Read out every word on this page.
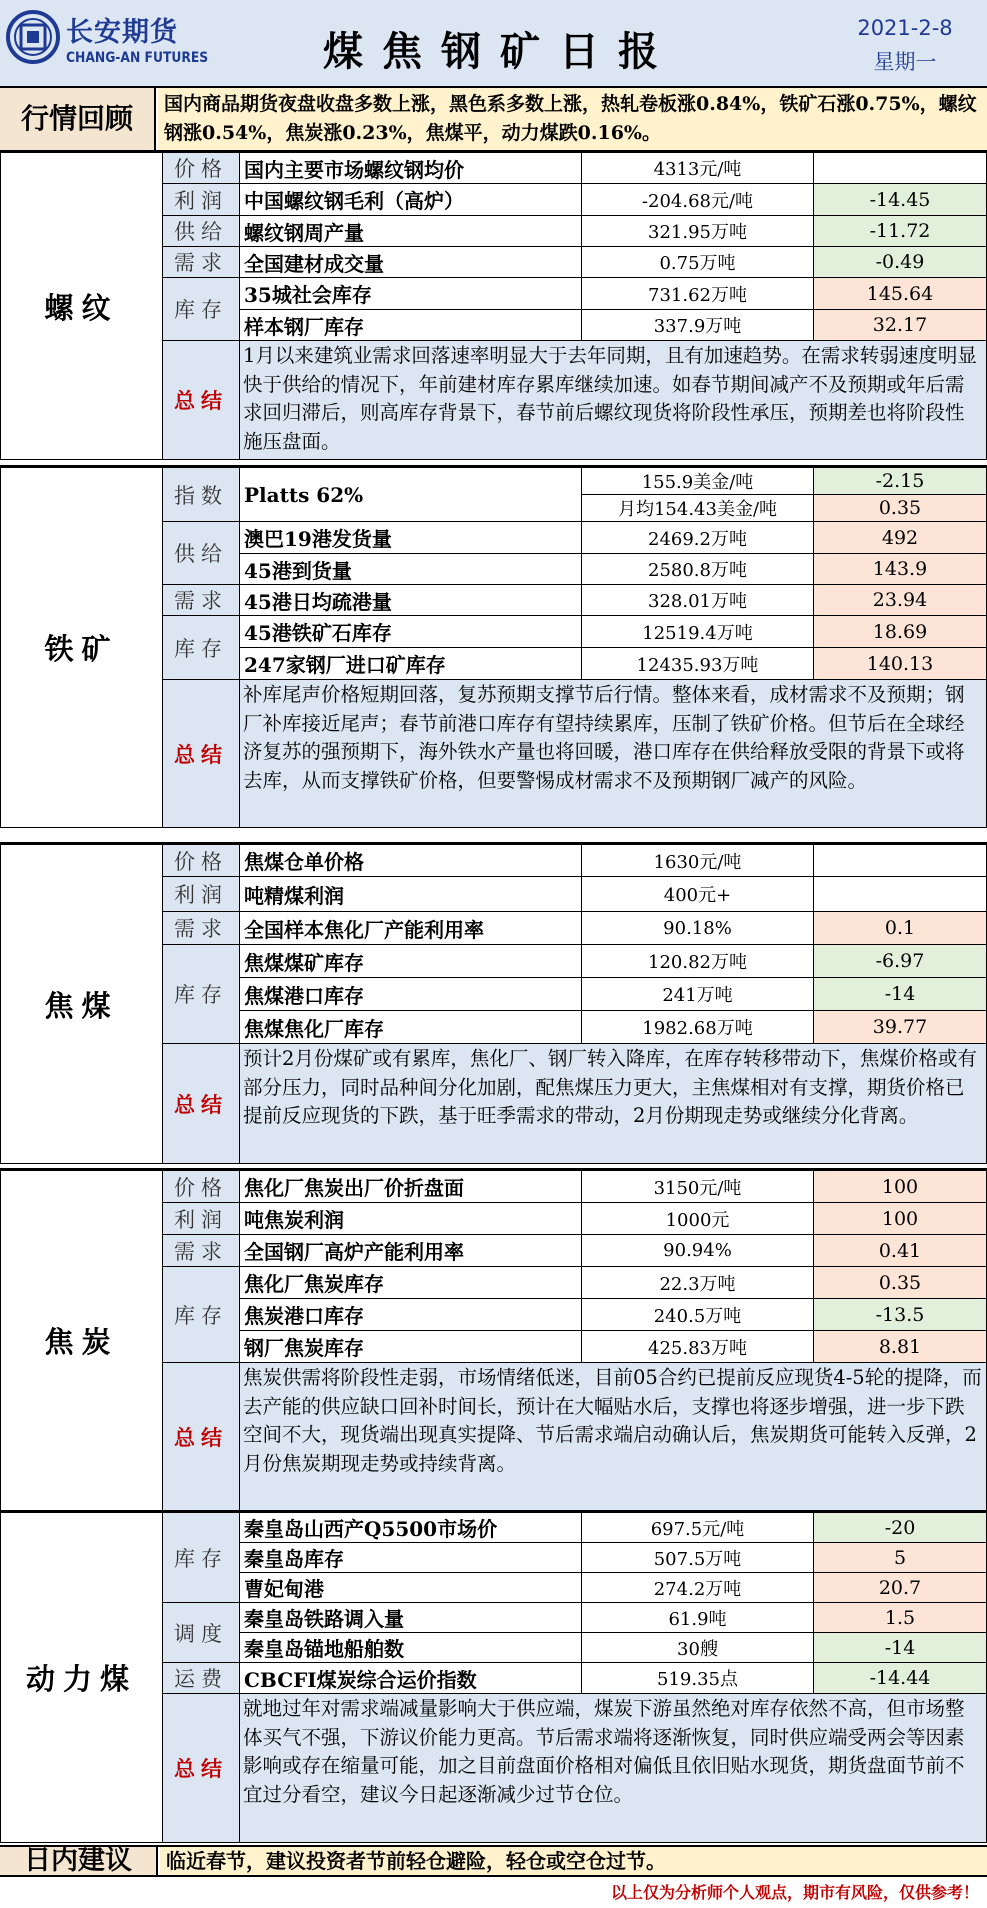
长安期货
CHANG-AN FUTURES	煤焦钢矿日报
2021-2-8
星期一
行情回顾	国内商品期货夜盘收盘多数上涨，黑色系多数上涨，热轧卷板涨0.84%，铁矿石涨0.75%，螺纹钢涨0.54%，焦炭涨0.23%，焦煤平，动力煤跌0.16%。
螺纹	价格	国内主要市场螺纹钢均价	4313元/吨	
	利润	中国螺纹钢毛利（高炉）	-204.68元/吨	-14.45
	供给	螺纹钢周产量	321.95万吨	-11.72
	需求	全国建材成交量	0.75万吨	-0.49
	库存	35城社会库存	731.62万吨	145.64
		样本钢厂库存	337.9万吨	32.17
	总结	1月以来建筑业需求回落速率明显大于去年同期，且有加速趋势。在需求转弱速度明显快于供给的情况下，年前建材库存累库继续加速。如春节期间减产不及预期或年后需求回归滞后，则高库存背景下，春节前后螺纹现货将阶段性承压，预期差也将阶段性施压盘面。		
铁矿	指数	Platts 62%	155.9美金/吨	-2.15
			月均154.43美金/吨	0.35
	供给	澳巴19港发货量	2469.2万吨	492
		45港到货量	2580.8万吨	143.9
	需求	45港日均疏港量	328.01万吨	23.94
	库存	45港铁矿石库存	12519.4万吨	18.69
		247家钢厂进口矿库存	12435.93万吨	140.13
	总结	补库尾声价格短期回落，复苏预期支撑节后行情。整体来看，成材需求不及预期；钢厂补库接近尾声；春节前港口库存有望持续累库，压制了铁矿价格。但节后在全球经济复苏的强预期下，海外铁水产量也将回暖，港口库存在供给释放受限的背景下或将去库，从而支撑铁矿价格，但要警惕成材需求不及预期钢厂减产的风险。		
焦煤	价格	焦煤仓单价格	1630元/吨	
	利润	吨精煤利润	400元+	
	需求	全国样本焦化厂产能利用率	90.18%	0.1
	库存	焦煤煤矿库存	120.82万吨	-6.97
		焦煤港口库存	241万吨	-14
		焦煤焦化厂库存	1982.68万吨	39.77
	总结	预计2月份煤矿或有累库，焦化厂、钢厂转入降库，在库存转移带动下，焦煤价格或有部分压力，同时品种间分化加剧，配焦煤压力更大，主焦煤相对有支撑，期货价格已提前反应现货的下跌，基于旺季需求的带动，2月份期现走势或继续分化背离。		
焦炭	价格	焦化厂焦炭出厂价折盘面	3150元/吨	100
	利润	吨焦炭利润	1000元	100
	需求	全国钢厂高炉产能利用率	90.94%	0.41
	库存	焦化厂焦炭库存	22.3万吨	0.35
		焦炭港口库存	240.5万吨	-13.5
		钢厂焦炭库存	425.83万吨	8.81
	总结	焦炭供需将阶段性走弱，市场情绪低迷，目前05合约已提前反应现货4-5轮的提降，而去产能的供应缺口回补时间长，预计在大幅贴水后，支撑也将逐步增强，进一步下跌空间不大，现货端出现真实提降、节后需求端启动确认后，焦炭期货可能转入反弹，2月份焦炭期现走势或持续背离。		
动力煤	库存	秦皇岛山西产Q5500市场价	697.5元/吨	-20
		秦皇岛库存	507.5万吨	5
		曹妃甸港	274.2万吨	20.7
	调度	秦皇岛铁路调入量	61.9吨	1.5
		秦皇岛锚地船舶数	30艘	-14
	运费	CBCFI煤炭综合运价指数	519.35点	-14.44
	总结	就地过年对需求端减量影响大于供应端，煤炭下游虽然绝对库存依然不高，但市场整体买气不强，下游议价能力更高。节后需求端将逐渐恢复，同时供应端受两会等因素影响或存在缩量可能，加之目前盘面价格相对偏低且依旧贴水现货，期货盘面节前不宜过分看空，建议今日起逐渐减少过节仓位。		
日内建议	临近春节，建议投资者节前轻仓避险，轻仓或空仓过节。
以上仅为分析师个人观点，期市有风险，仅供参考！
